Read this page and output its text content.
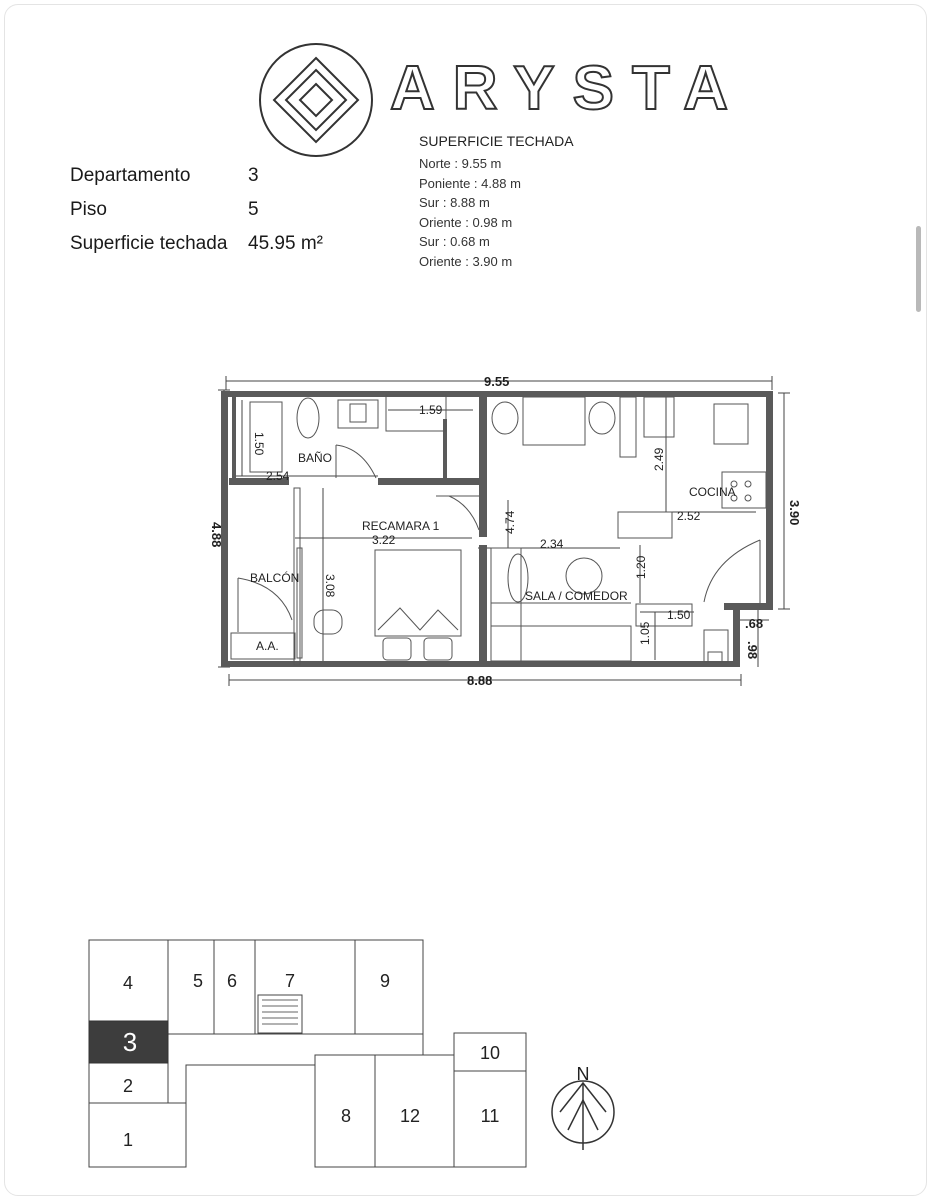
ARYSTA
Departamento	3
Piso	5
Superficie techada	45.95 m²
SUPERFICIE TECHADA
Norte : 9.55 m
Poniente : 4.88 m
Sur : 8.88 m
Oriente : 0.98 m
Sur : 0.68 m
Oriente : 3.90 m
9.55
8.88
4.88
3.90
.98
.68
1.50
2.54
1.59
3.22
3.08
4.74
2.34
2.49
2.52
1.20
1.50
1.05
BAÑO
RECAMARA 1
BALCÓN
A.A.
COCINA
SALA / COMEDOR
4	5 6	7	9
2
1
10
11
8	12
3
N
